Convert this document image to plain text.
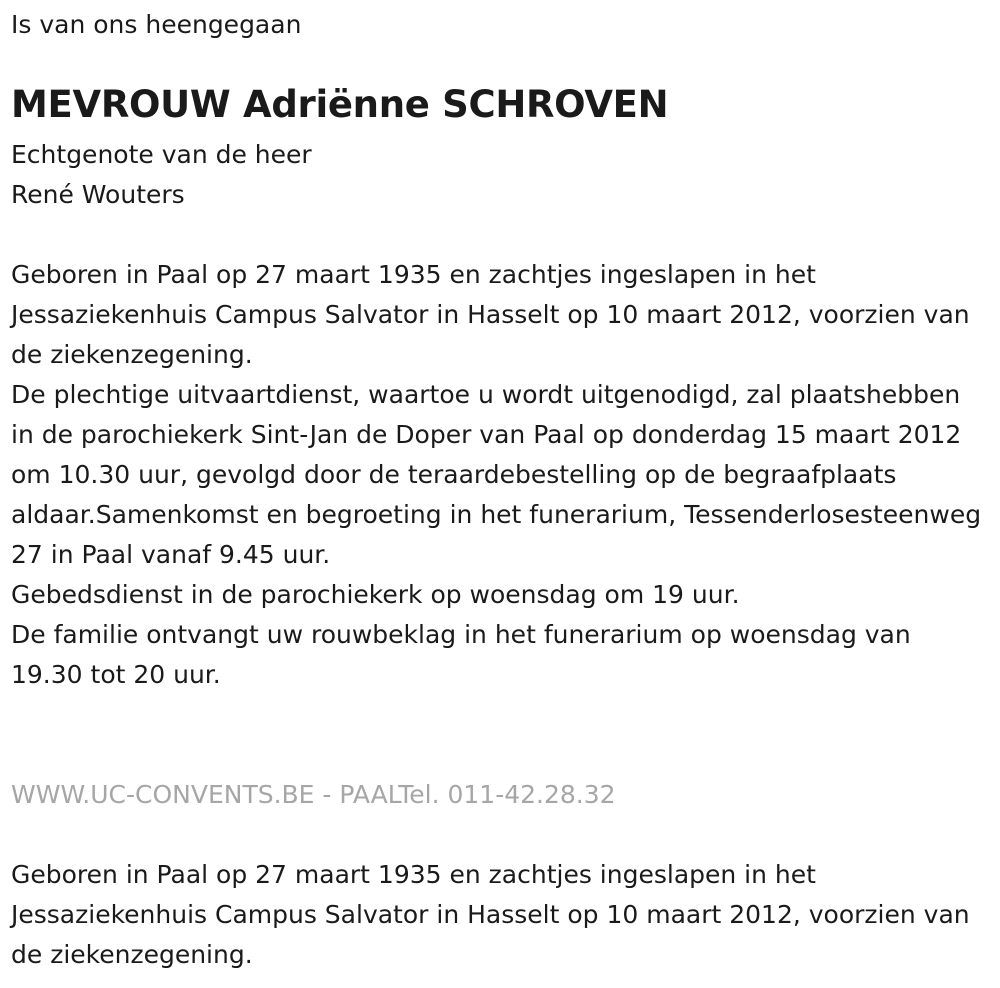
Is van ons heengegaan

MEVROUW Adriënne SCHROVEN
Echtgenote van de heer
René Wouters

Geboren in Paal op 27 maart 1935 en zachtjes ingeslapen in het Jessaziekenhuis Campus Salvator in Hasselt op 10 maart 2012, voorzien van de ziekenzegening.

De plechtige uitvaartdienst, waartoe u wordt uitgenodigd, zal plaatshebben in de parochiekerk Sint-Jan de Doper van Paal op donderdag 15 maart 2012 om 10.30 uur, gevolgd door de teraardebestelling op de begraafplaats aldaar.Samenkomst en begroeting in het funerarium, Tessenderlosesteenweg 27 in Paal vanaf 9.45 uur.

Gebedsdienst in de parochiekerk op woensdag om 19 uur.

De familie ontvangt uw rouwbeklag in het funerarium op woensdag van 19.30 tot 20 uur.

WWW.UC-CONVENTS.BE - PAALTel. 011-42.28.32

Geboren in Paal op 27 maart 1935 en zachtjes ingeslapen in het Jessaziekenhuis Campus Salvator in Hasselt op 10 maart 2012, voorzien van de ziekenzegening.
